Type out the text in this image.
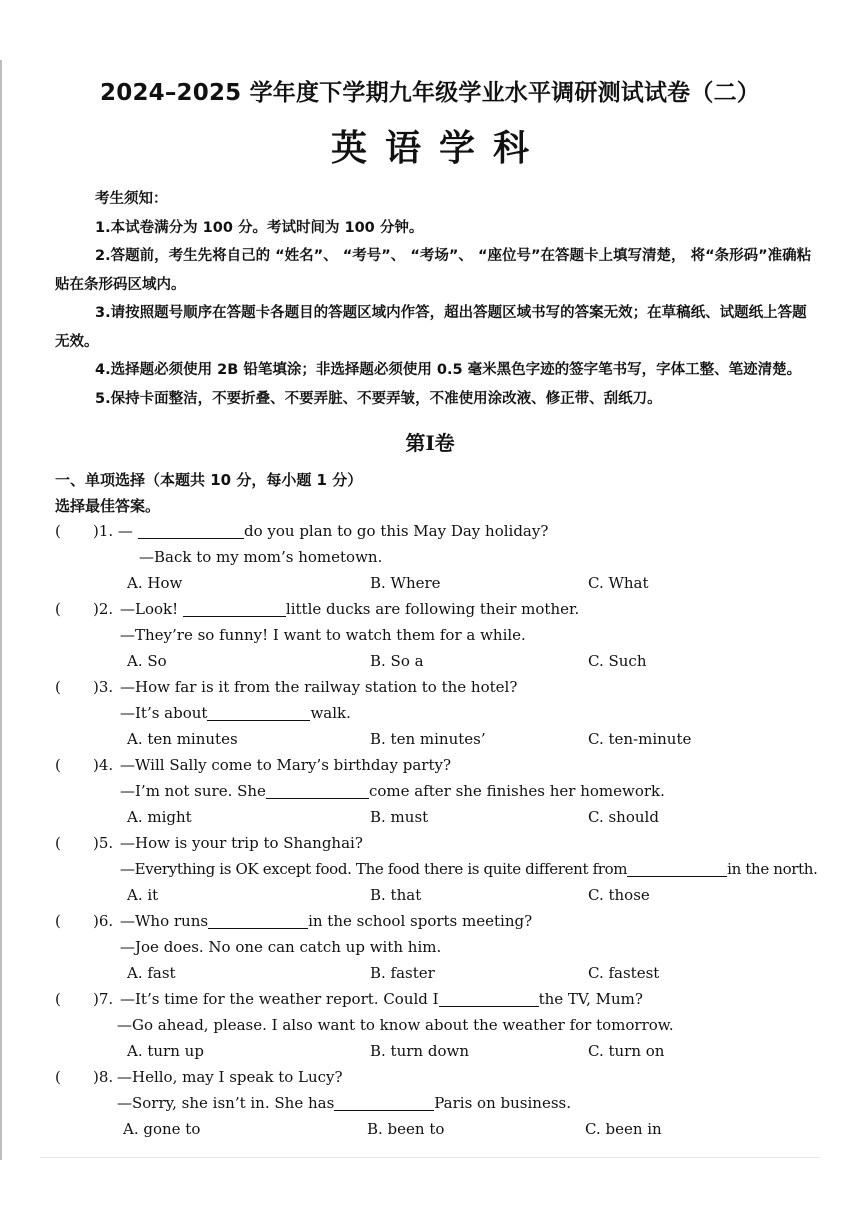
2024–2025 学年度下学期九年级学业水平调研测试试卷（二）
英语学科
考生须知：
1.本试卷满分为 100 分。考试时间为 100 分钟。
2.答题前，考生先将自己的 “姓名”、 “考号”、 “考场”、 “座位号”在答题卡上填写清楚， 将“条形码”准确粘贴在条形码区域内。
3.请按照题号顺序在答题卡各题目的答题区域内作答，超出答题区域书写的答案无效；在草稿纸、试题纸上答题无效。
4.选择题必须使用 2B 铅笔填涂；非选择题必须使用 0.5 毫米黑色字迹的签字笔书写，字体工整、笔迹清楚。
5.保持卡面整洁，不要折叠、不要弄脏、不要弄皱，不准使用涂改液、修正带、刮纸刀。
第I卷
一、单项选择（本题共 10 分，每小题 1 分）
选择最佳答案。
( )1. —	do you plan to go this May Day holiday?
—Back to my mom’s hometown.
A. How	B. Where	C. What
( )2. —Look!	little ducks are following their mother.
—They’re so funny! I want to watch them for a while.
A. So	B. So a	C. Such
( )3. —How far is it from the railway station to the hotel?
—It’s about	walk.
A. ten minutes	B. ten minutes’	C. ten-minute
( )4. —Will Sally come to Mary’s birthday party?
—I’m not sure. She	come after she finishes her homework.
A. might	B. must	C. should
( )5. —How is your trip to Shanghai?
—Everything is OK except food. The food there is quite different from	in the north.
A. it	B. that	C. those
( )6. —Who runs	in the school sports meeting?
—Joe does. No one can catch up with him.
A. fast	B. faster	C. fastest
( )7. —It’s time for the weather report. Could I	the TV, Mum?
—Go ahead, please. I also want to know about the weather for tomorrow.
A. turn up	B. turn down	C. turn on
( )8. —Hello, may I speak to Lucy?
—Sorry, she isn’t in. She has	Paris on business.
A. gone to	B. been to	C. been in
